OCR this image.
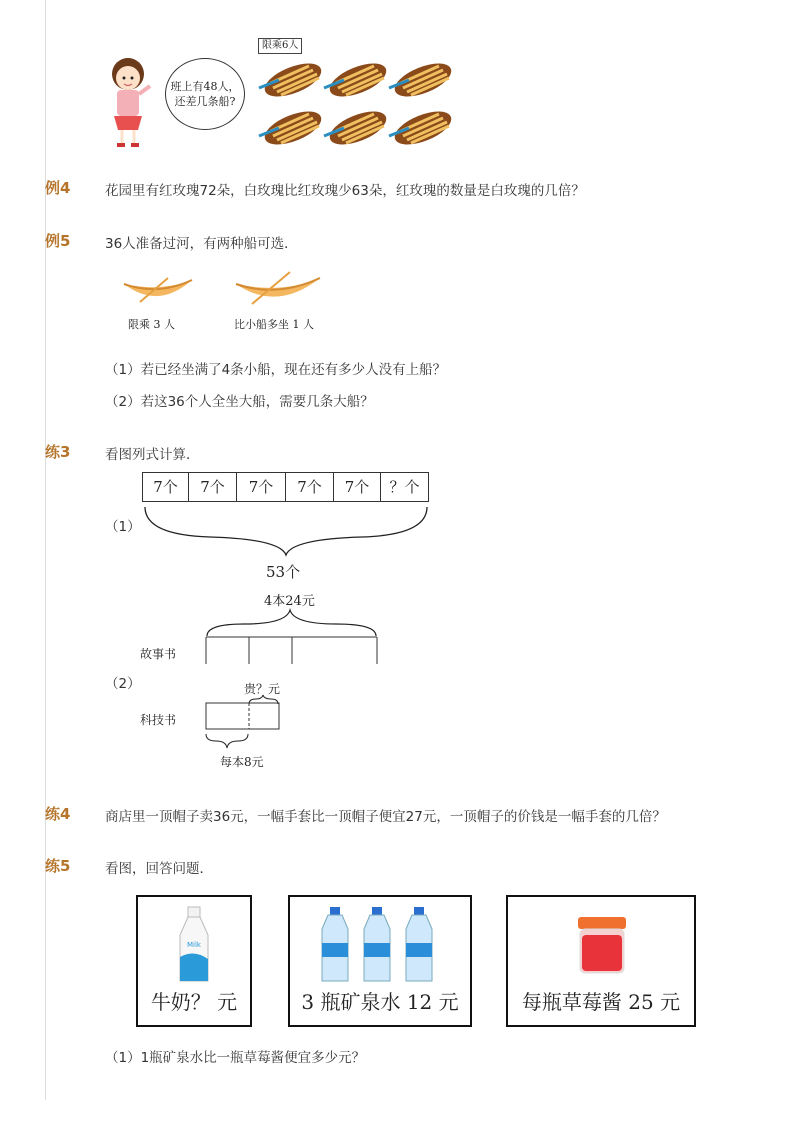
班上有48人，
还差几条船?
限乘6人
例4	花园里有红玫瑰72朵，白玫瑰比红玫瑰少63朵，红玫瑰的数量是白玫瑰的几倍？
例5	36人准备过河，有两种船可选．
限乘 3 人	比小船多坐 1 人
（1）若已经坐满了4条小船，现在还有多少人没有上船？
（2）若这36个人全坐大船，需要几条大船？
练3	看图列式计算．
（1）
7个	7个	7个	7个	7个	？个
53个
4本24元
故事书
（2）	贵？元
科技书
每本8元
练4	商店里一顶帽子卖36元，一幅手套比一顶帽子便宜27元，一顶帽子的价钱是一幅手套的几倍？
练5	看图，回答问题．
Milk
牛奶？ 元	3 瓶矿泉水 12 元	每瓶草莓酱 25 元
（1）1瓶矿泉水比一瓶草莓酱便宜多少元？
